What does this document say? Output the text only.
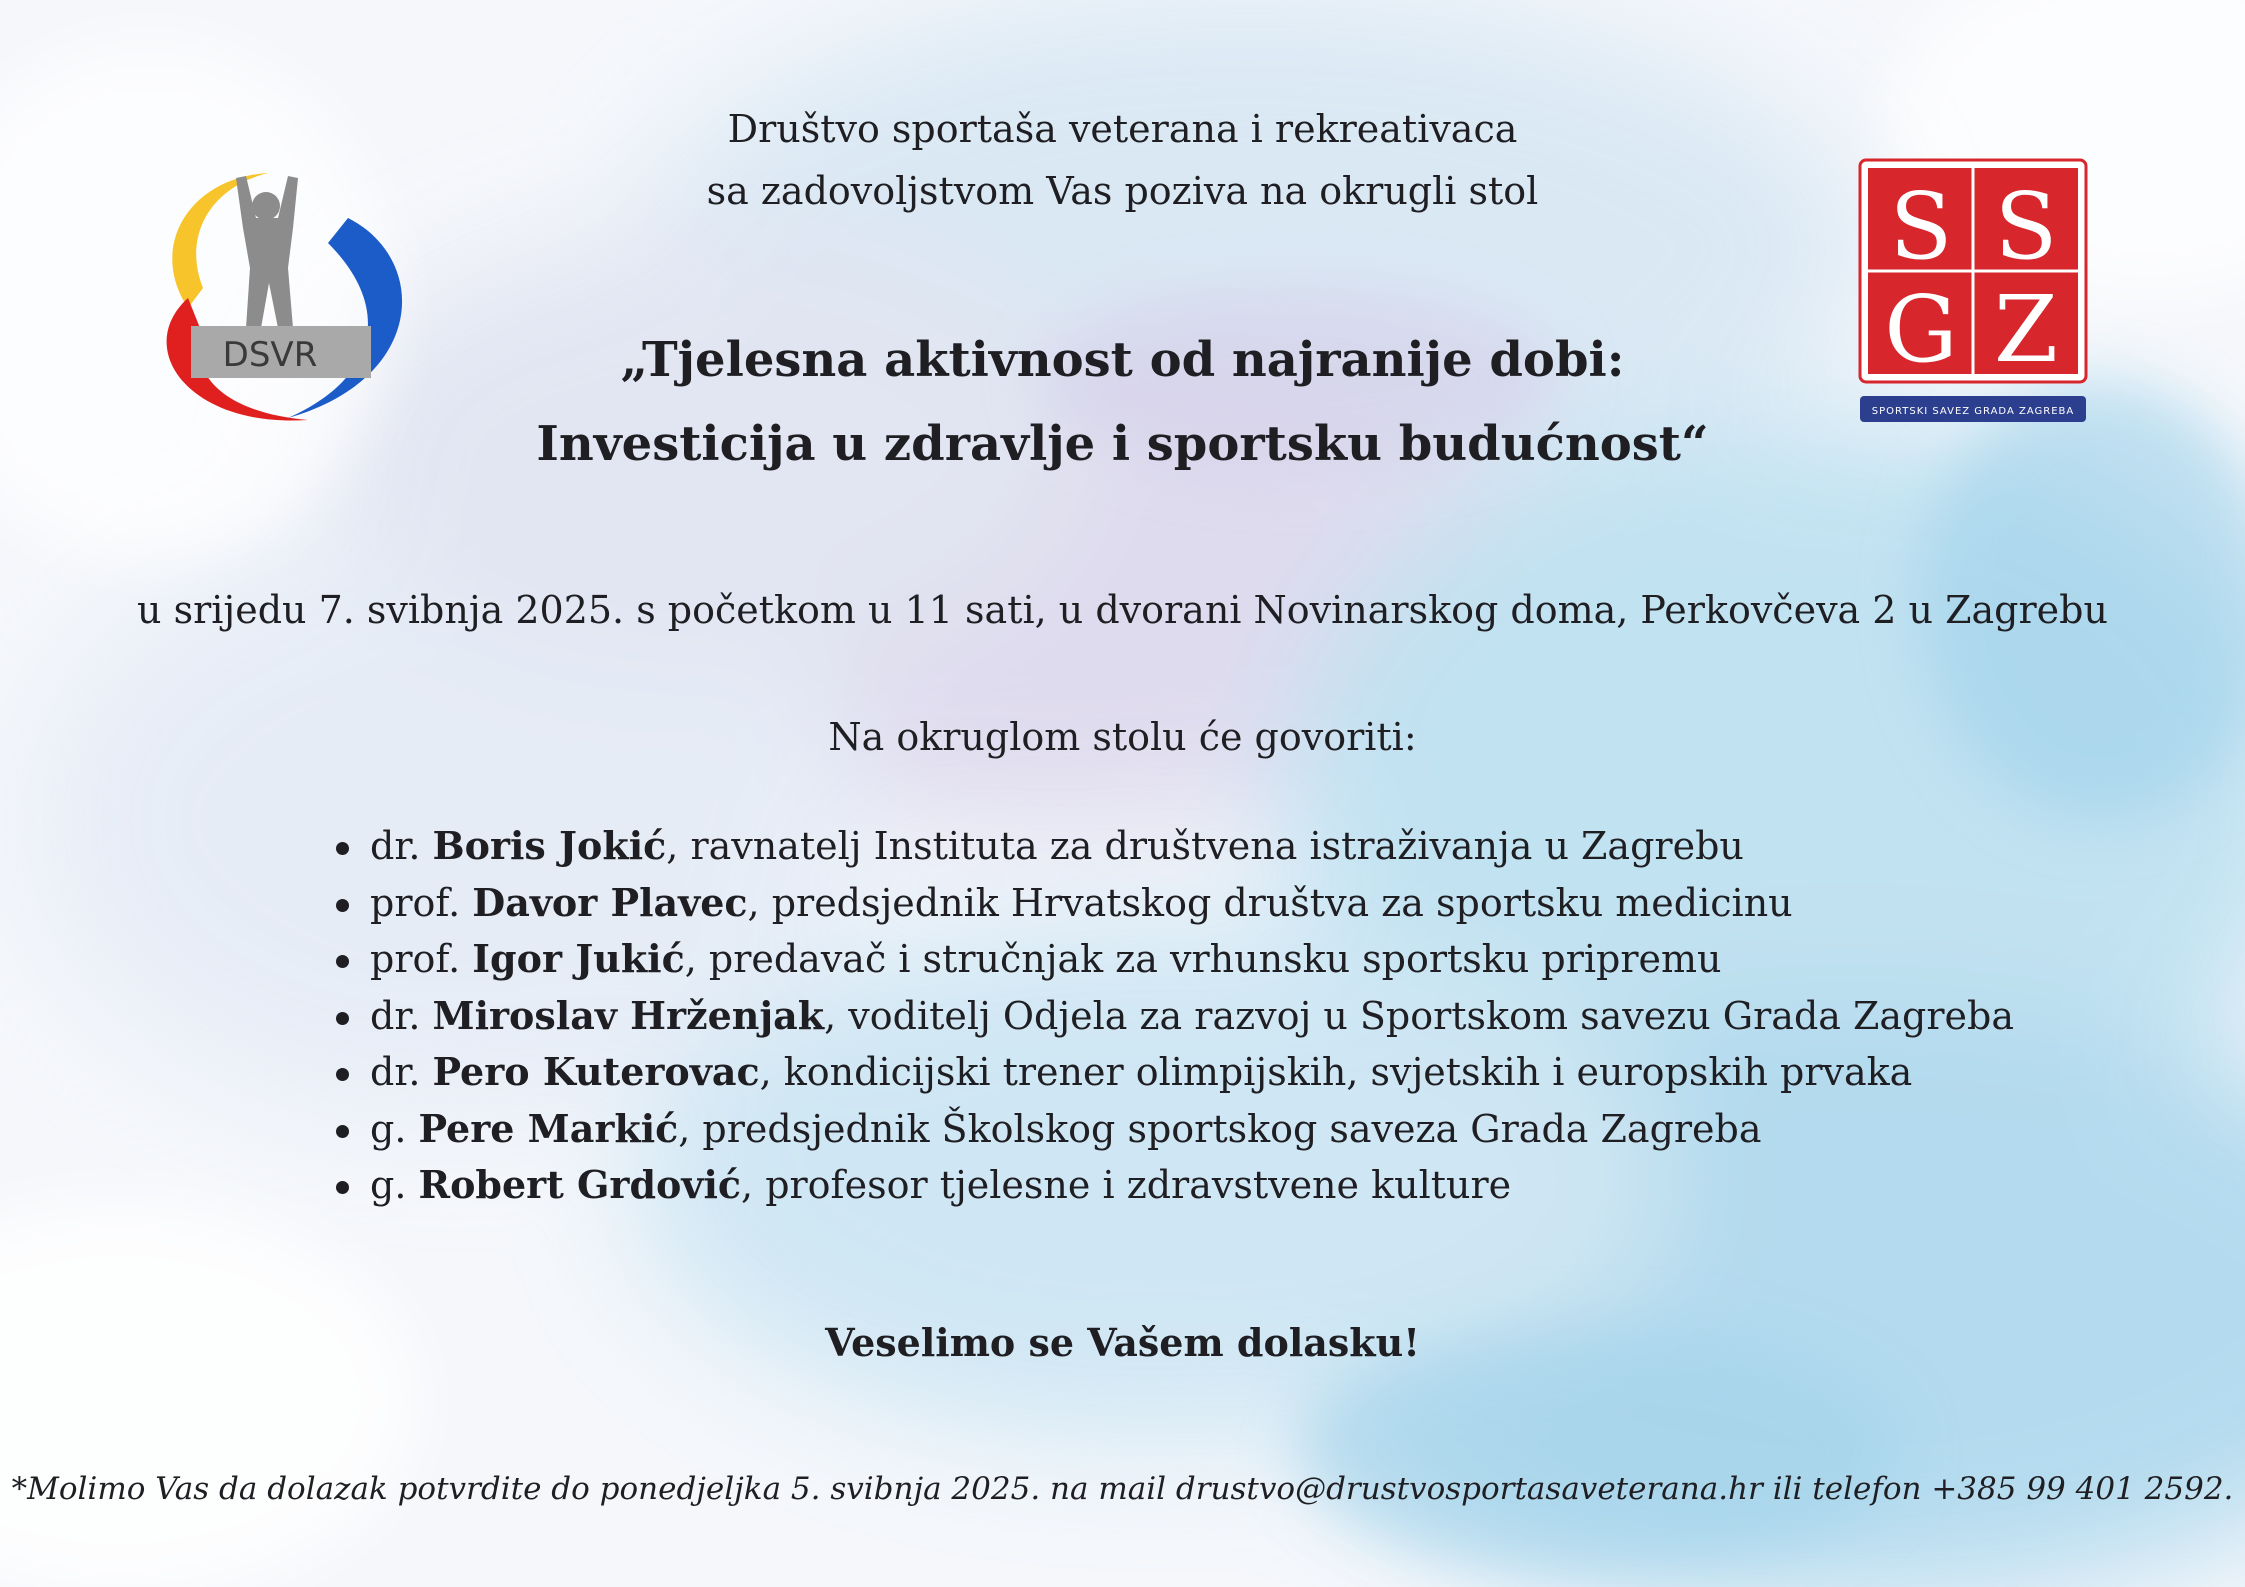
DSVR
S S
G Z
SPORTSKI SAVEZ GRADA ZAGREBA
Društvo sportaša veterana i rekreativaca
sa zadovoljstvom Vas poziva na okrugli stol
„Tjelesna aktivnost od najranije dobi:
Investicija u zdravlje i sportsku budućnost“
u srijedu 7. svibnja 2025. s početkom u 11 sati, u dvorani Novinarskog doma, Perkovčeva 2 u Zagrebu
Na okruglom stolu će govoriti:
dr. Boris Jokić, ravnatelj Instituta za društvena istraživanja u Zagrebu
prof. Davor Plavec, predsjednik Hrvatskog društva za sportsku medicinu
prof. Igor Jukić, predavač i stručnjak za vrhunsku sportsku pripremu
dr. Miroslav Hrženjak, voditelj Odjela za razvoj u Sportskom savezu Grada Zagreba
dr. Pero Kuterovac, kondicijski trener olimpijskih, svjetskih i europskih prvaka
g. Pere Markić, predsjednik Školskog sportskog saveza Grada Zagreba
g. Robert Grdović, profesor tjelesne i zdravstvene kulture
Veselimo se Vašem dolasku!
*Molimo Vas da dolazak potvrdite do ponedjeljka 5. svibnja 2025. na mail drustvo@drustvosportasaveterana.hr ili telefon +385 99 401 2592.
